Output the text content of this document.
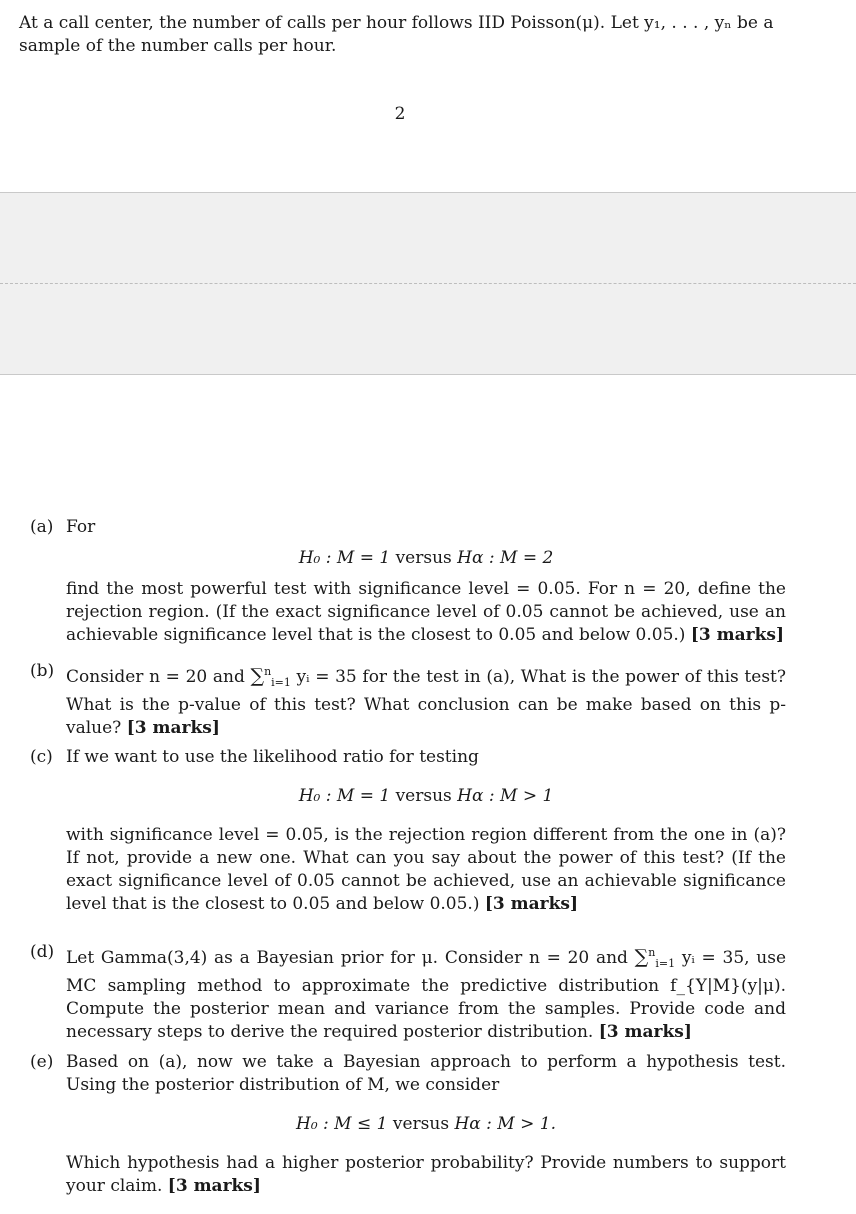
At a call center, the number of calls per hour follows IID Poisson(μ). Let y₁, . . . , yₙ be a sample of the number calls per hour.

2
(a) For
H₀ : M = 1 versus Hα : M = 2
find the most powerful test with significance level = 0.05. For n = 20, define the rejection region. (If the exact significance level of 0.05 cannot be achieved, use an achievable significance level that is the closest to 0.05 and below 0.05.) [3 marks]
(b) Consider n = 20 and ∑$^n_{i=1}$ yᵢ = 35 for the test in (a), What is the power of this test? What is the p-value of this test? What conclusion can be make based on this p-value? [3 marks]
(c) If we want to use the likelihood ratio for testing
H₀ : M = 1 versus Hα : M > 1
with significance level = 0.05, is the rejection region different from the one in (a)? If not, provide a new one. What can you say about the power of this test? (If the exact significance level of 0.05 cannot be achieved, use an achievable significance level that is the closest to 0.05 and below 0.05.) [3 marks]
(d) Let Gamma(3,4) as a Bayesian prior for μ. Consider n = 20 and ∑$^n_{i=1}$ yᵢ = 35, use MC sampling method to approximate the predictive distribution f_{Y|M}(y|μ). Compute the posterior mean and variance from the samples. Provide code and necessary steps to derive the required posterior distribution. [3 marks]
(e) Based on (a), now we take a Bayesian approach to perform a hypothesis test. Using the posterior distribution of M, we consider
H₀ : M ≤ 1 versus Hα : M > 1.
Which hypothesis had a higher posterior probability? Provide numbers to support your claim. [3 marks]
